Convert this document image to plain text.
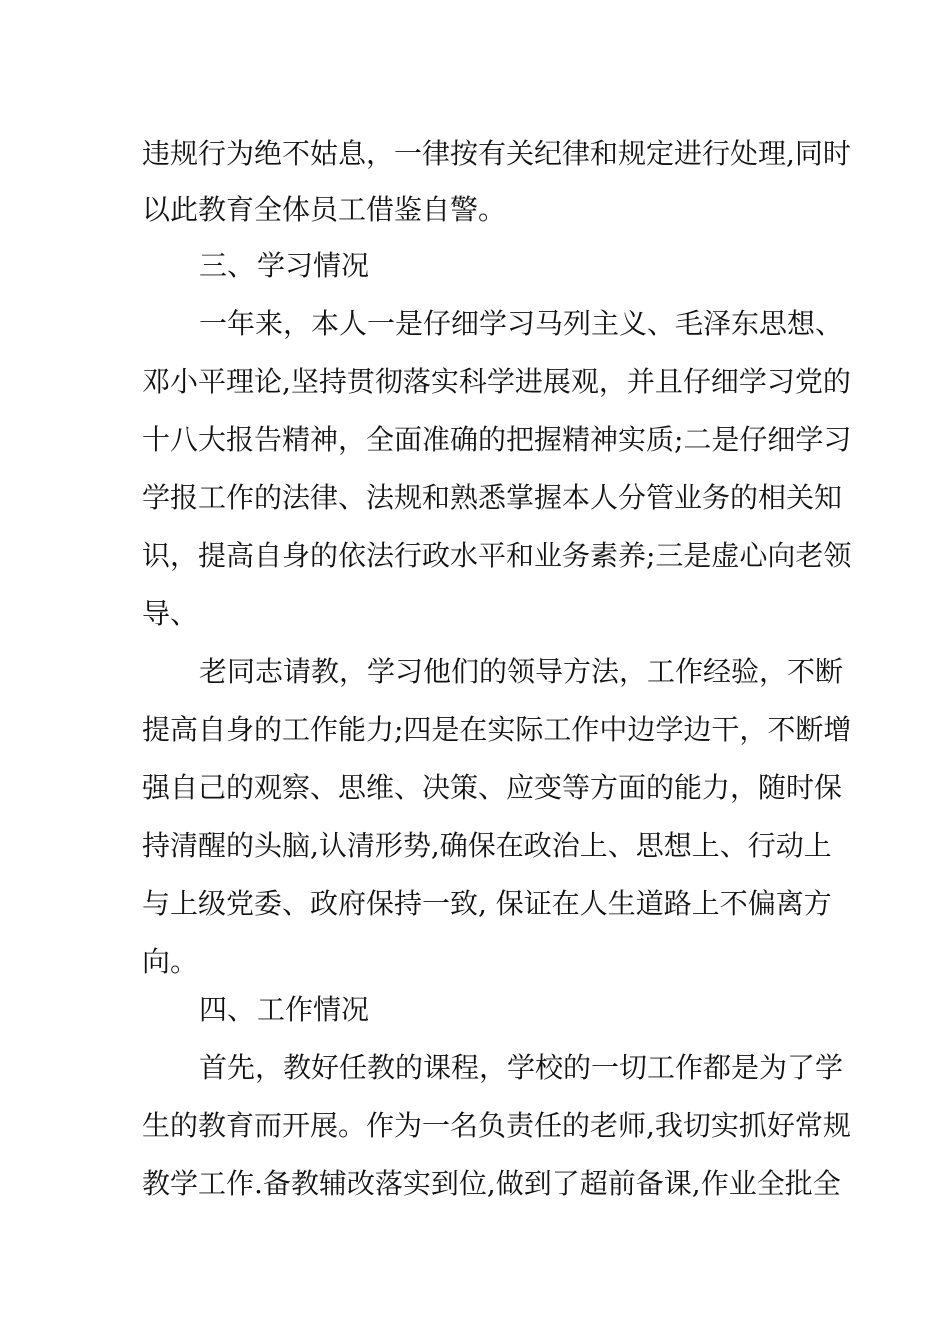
违规行为绝不姑息，一律按有关纪律和规定进行处理,同时
以此教育全体员工借鉴自警。
三、学习情况
一年来，本人一是仔细学习马列主义、毛泽东思想、
邓小平理论,坚持贯彻落实科学进展观，并且仔细学习党的
十八大报告精神，全面准确的把握精神实质;二是仔细学习
学报工作的法律、法规和熟悉掌握本人分管业务的相关知
识，提高自身的依法行政水平和业务素养;三是虚心向老领
导、
老同志请教，学习他们的领导方法，工作经验，不断
提高自身的工作能力;四是在实际工作中边学边干，不断增
强自己的观察、思维、决策、应变等方面的能力，随时保
持清醒的头脑,认清形势,确保在政治上、思想上、行动上
与上级党委、政府保持一致, 保证在人生道路上不偏离方
向。
四、工作情况
首先，教好任教的课程，学校的一切工作都是为了学
生的教育而开展。作为一名负责任的老师,我切实抓好常规
教学工作.备教辅改落实到位,做到了超前备课,作业全批全
